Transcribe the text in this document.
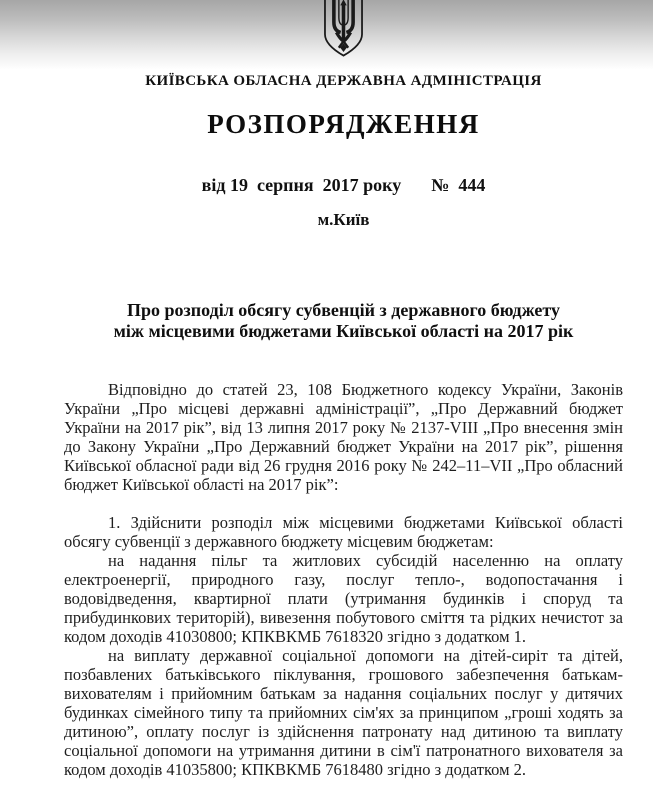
КИЇВСЬКА ОБЛАСНА ДЕРЖАВНА АДМІНІСТРАЦІЯ
РОЗПОРЯДЖЕННЯ
від 19  серпня  2017 року №  444
м.Київ
Про розподіл обсягу субвенцій з державного бюджету
між місцевими бюджетами Київської області на 2017 рік

Відповідно до статей 23, 108 Бюджетного кодексу України, Законів України „Про місцеві державні адміністрації”, „Про Державний бюджет України на 2017 рік”, від 13 липня 2017 року № 2137-VIII „Про внесення змін до Закону України „Про Державний бюджет України на 2017 рік”, рішення Київської обласної ради від 26 грудня 2016 року № 242–11–VII „Про обласний бюджет Київської області на 2017 рік”:

1. Здійснити розподіл між місцевими бюджетами Київської області обсягу субвенції з державного бюджету місцевим бюджетам:

на надання пільг та житлових субсидій населенню на оплату електроенергії, природного газу, послуг тепло-, водопостачання і водовідведення, квартирної плати (утримання будинків і споруд та прибудинкових територій), вивезення побутового сміття та рідких нечистот за кодом доходів 41030800; КПКВКМБ 7618320 згідно з додатком 1.

на виплату державної соціальної допомоги на дітей-сиріт та дітей, позбавлених батьківського піклування, грошового забезпечення батькам-вихователям і прийомним батькам за надання соціальних послуг у дитячих будинках сімейного типу та прийомних сім'ях за принципом „гроші ходять за дитиною”, оплату послуг із здійснення патронату над дитиною та виплату соціальної допомоги на утримання дитини в сім'ї патронатного вихователя за кодом доходів 41035800; КПКВКМБ 7618480 згідно з додатком 2.
